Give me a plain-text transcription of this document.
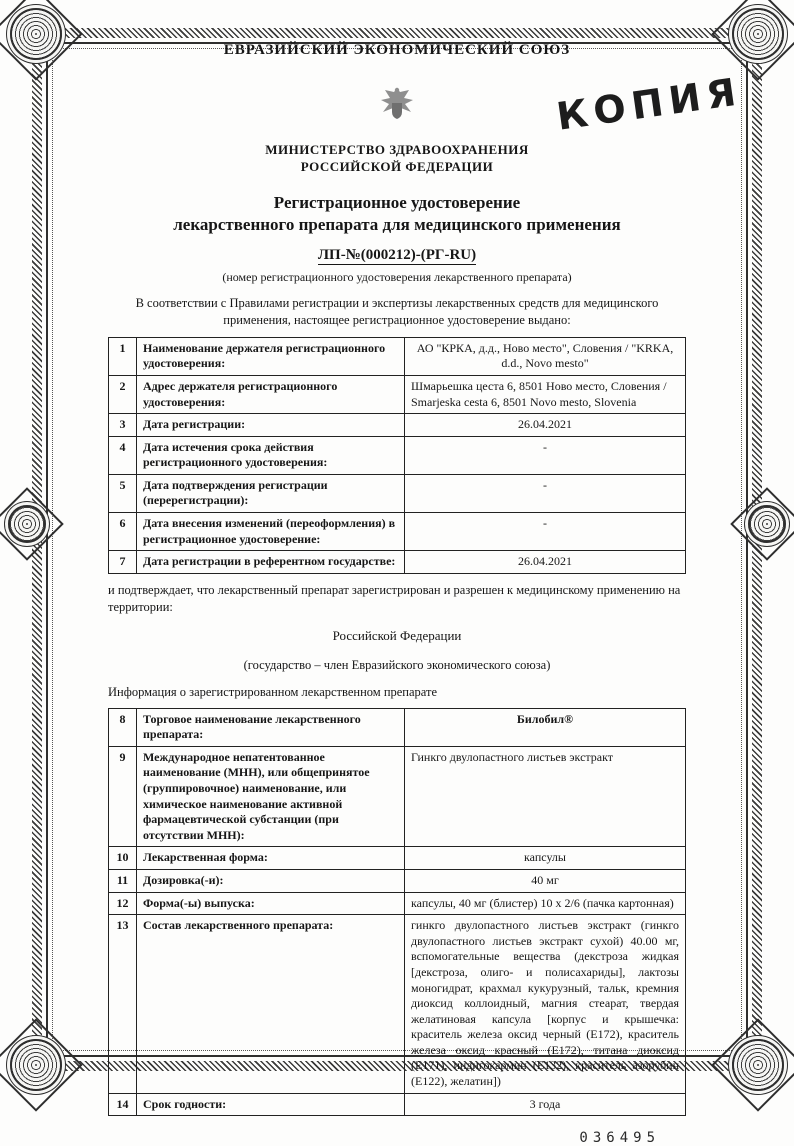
КОПИЯ
ЕВРАЗИЙСКИЙ ЭКОНОМИЧЕСКИЙ СОЮЗ
МИНИСТЕРСТВО ЗДРАВООХРАНЕНИЯ
РОССИЙСКОЙ ФЕДЕРАЦИИ
Регистрационное удостоверение
лекарственного препарата для медицинского применения
ЛП-№(000212)-(РГ-RU)
(номер регистрационного удостоверения лекарственного препарата)
В соответствии с Правилами регистрации и экспертизы лекарственных средств для медицинского применения, настоящее регистрационное удостоверение выдано:
1	Наименование держателя регистрационного удостоверения:	АО "КРКА, д.д., Ново место", Словения / "KRKA, d.d., Novo mesto"
2	Адрес держателя регистрационного удостоверения:	Шмарьешка цеста 6, 8501 Ново место, Словения / Smarjeska cesta 6, 8501 Novo mesto, Slovenia
3	Дата регистрации:	26.04.2021
4	Дата истечения срока действия регистрационного удостоверения:	-
5	Дата подтверждения регистрации (перерегистрации):	-
6	Дата внесения изменений (переоформления) в регистрационное удостоверение:	-
7	Дата регистрации в референтном государстве:	26.04.2021
и подтверждает, что лекарственный препарат зарегистрирован и разрешен к медицинскому применению на территории:
Российской Федерации
(государство – член Евразийского экономического союза)
Информация о зарегистрированном лекарственном препарате
8	Торговое наименование лекарственного препарата:	Билобил®
9	Международное непатентованное наименование (МНН), или общепринятое (группировочное) наименование, или химическое наименование активной фармацевтической субстанции (при отсутствии МНН):	Гинкго двулопастного листьев экстракт
10	Лекарственная форма:	капсулы
11	Дозировка(-и):	40 мг
12	Форма(-ы) выпуска:	капсулы, 40 мг (блистер) 10 х 2/6 (пачка картонная)
13	Состав лекарственного препарата:	гинкго двулопастного листьев экстракт (гинкго двулопастного листьев экстракт сухой) 40.00 мг, вспомогательные вещества (декстроза жидкая [декстроза, олиго- и полисахариды], лактозы моногидрат, крахмал кукурузный, тальк, кремния диоксид коллоидный, магния стеарат, твердая желатиновая капсула [корпус и крышечка: краситель железа оксид черный (Е172), краситель железа оксид красный (Е172), титана диоксид (Е171), индигокармин (Е132), краситель азорубин (Е122), желатин])
14	Срок годности:	3 года
036495
